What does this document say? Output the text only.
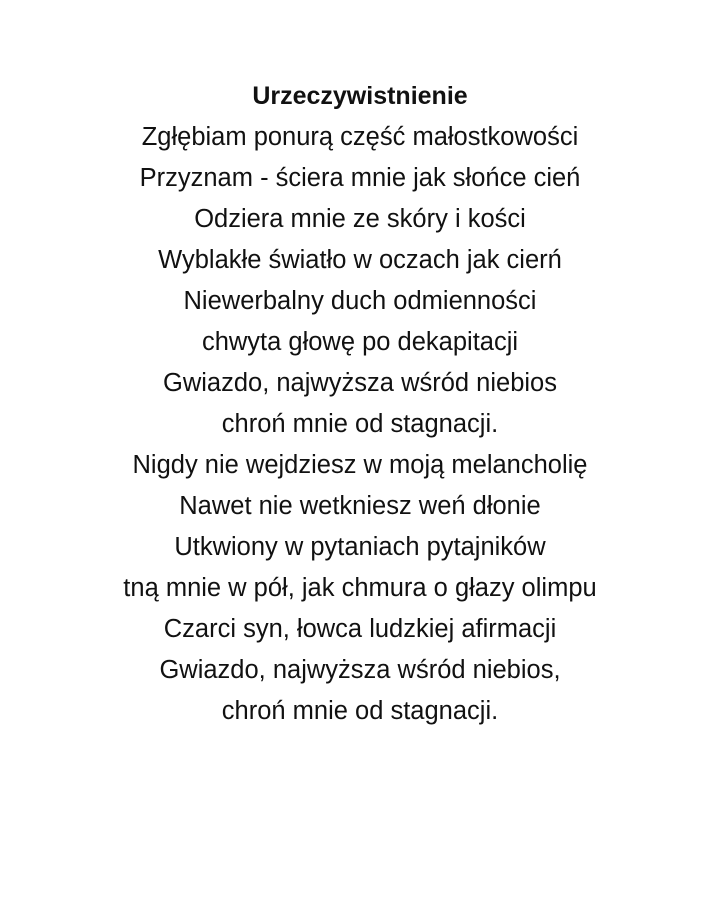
Urzeczywistnienie
Zgłębiam ponurą część małostkowości
Przyznam - ściera mnie jak słońce cień
Odziera mnie ze skóry i kości
Wyblakłe światło w oczach jak cierń
Niewerbalny duch odmienności
chwyta głowę po dekapitacji
Gwiazdo, najwyższa wśród niebios
chroń mnie od stagnacji.
Nigdy nie wejdziesz w moją melancholię
Nawet nie wetkniesz weń dłonie
Utkwiony w pytaniach pytajników
tną mnie w pół, jak chmura o głazy olimpu
Czarci syn, łowca ludzkiej afirmacji
Gwiazdo, najwyższa wśród niebios,
chroń mnie od stagnacji.
